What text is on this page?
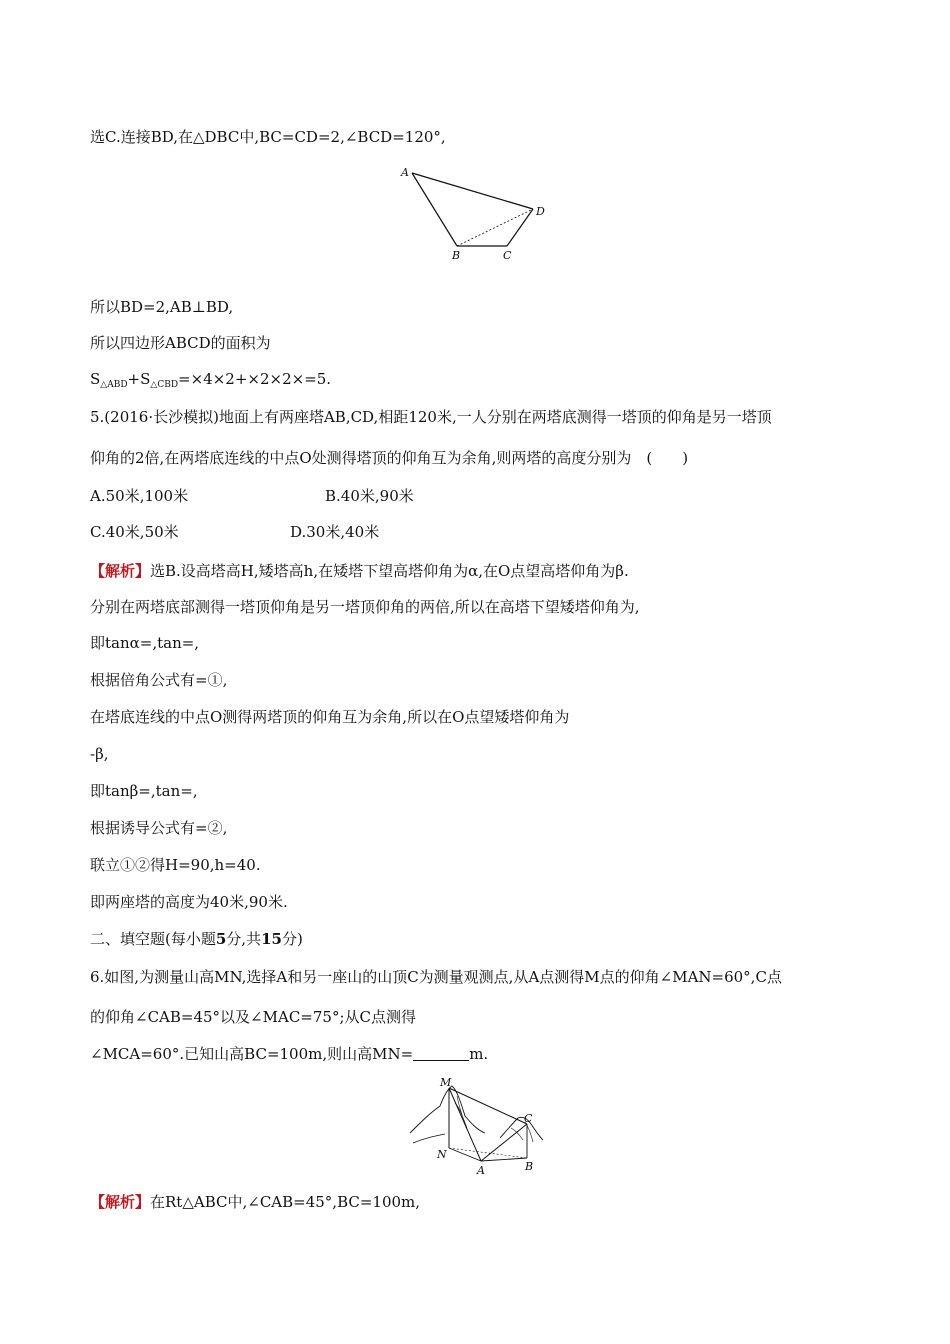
选C.连接BD,在△DBC中,BC=CD=2,∠BCD=120°,
A
D
B	C
所以BD=2,AB⊥BD,
所以四边形ABCD的面积为
$S_{\triangle ABD}+S_{\triangle CBD}=\times 4\times 2+\times 2\times 2\times=5$.
5.(2016·长沙模拟)地面上有两座塔AB,CD,相距120米,一人分别在两塔底测得一塔顶的仰角是另一塔顶
仰角的2倍,在两塔底连线的中点O处测得塔顶的仰角互为余角,则两塔的高度分别为　(　　)
A.50米,100米	B.40米,90米
C.40米,50米	D.30米,40米
【解析】选B.设高塔高H,矮塔高h,在矮塔下望高塔仰角为α,在O点望高塔仰角为β.
分别在两塔底部测得一塔顶仰角是另一塔顶仰角的两倍,所以在高塔下望矮塔仰角为,
即tanα=,tan=,
根据倍角公式有=①,
在塔底连线的中点O测得两塔顶的仰角互为余角,所以在O点望矮塔仰角为
-β,
即tanβ=,tan=,
根据诱导公式有=②,
联立①②得H=90,h=40.
即两座塔的高度为40米,90米.
二、填空题(每小题5分,共15分)
6.如图,为测量山高MN,选择A和另一座山的山顶C为测量观测点,从A点测得M点的仰角∠MAN=60°,C点
的仰角∠CAB=45°以及∠MAC=75°;从C点测得
∠MCA=60°.已知山高BC=100m,则山高MN=	m.
M
N
A	B
C
【解析】在Rt△ABC中,∠CAB=45°,BC=100m,
